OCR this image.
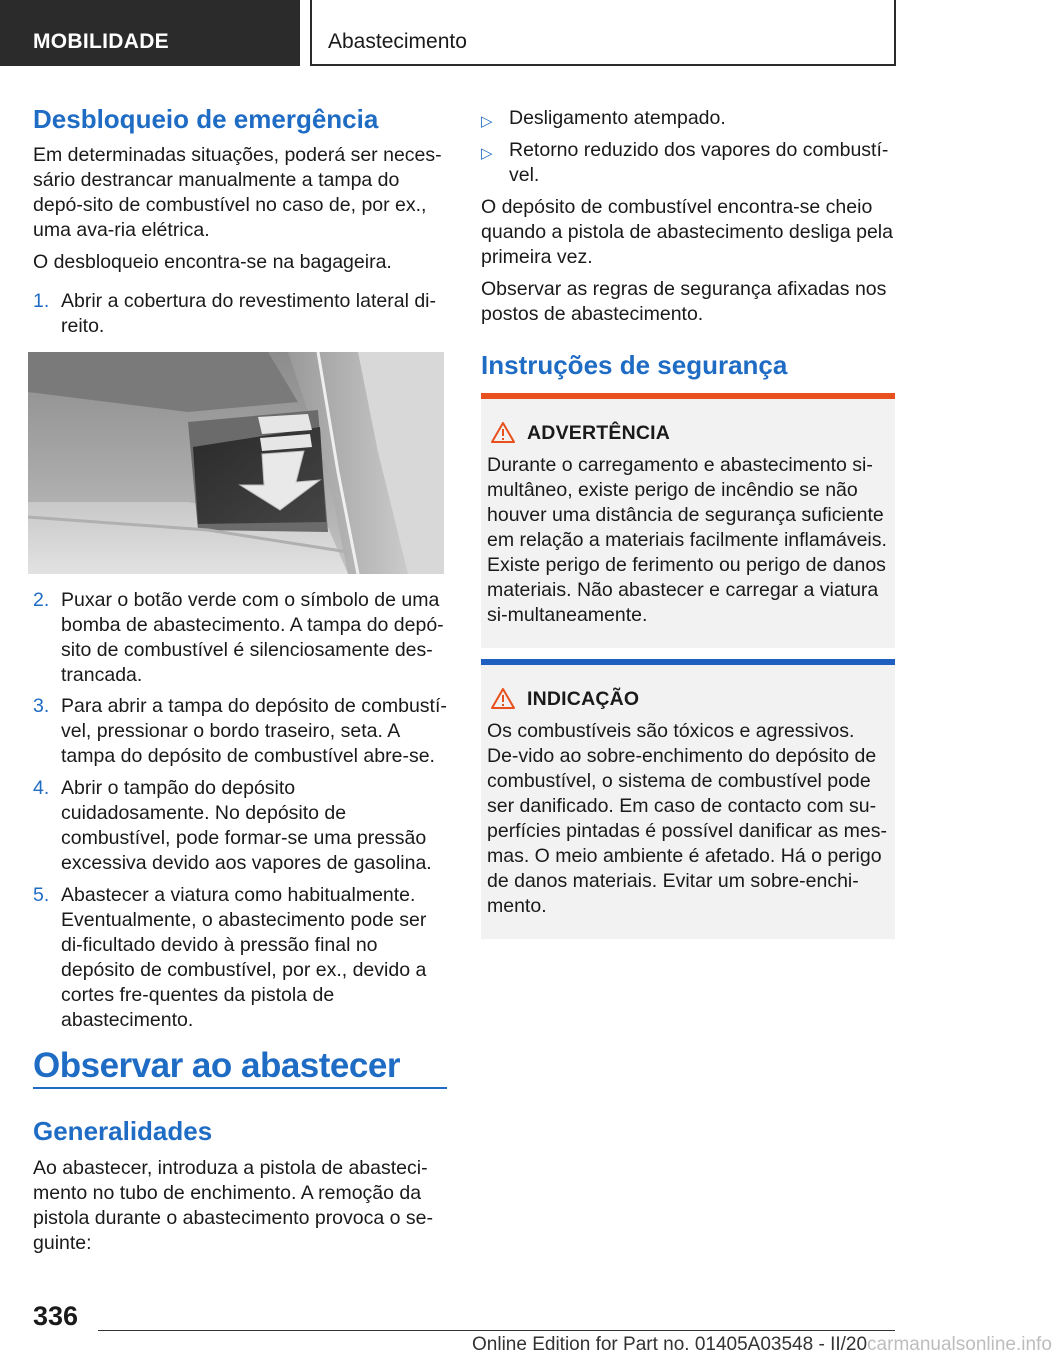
MOBILIDADE	Abastecimento
Desbloqueio de emergência

Em determinadas situações, poderá ser neces-sário destrancar manualmente a tampa do depó-sito de combustível no caso de, por ex., uma ava-ria elétrica.

O desbloqueio encontra-se na bagageira.

1. Abrir a cobertura do revestimento lateral di-reito.
2. Puxar o botão verde com o símbolo de uma bomba de abastecimento. A tampa do depó-sito de combustível é silenciosamente des-trancada.
3. Para abrir a tampa do depósito de combustí-vel, pressionar o bordo traseiro, seta. A tampa do depósito de combustível abre-se.
4. Abrir o tampão do depósito cuidadosamente. No depósito de combustível, pode formar-se uma pressão excessiva devido aos vapores de gasolina.
5. Abastecer a viatura como habitualmente. Eventualmente, o abastecimento pode ser di-ficultado devido à pressão final no depósito de combustível, por ex., devido a cortes fre-quentes da pistola de abastecimento.
Observar ao abastecer
Generalidades

Ao abastecer, introduza a pistola de abasteci-mento no tubo de enchimento. A remoção da pistola durante o abastecimento provoca o se-guinte:

▷ Desligamento atempado.
▷ Retorno reduzido dos vapores do combustí-vel.

O depósito de combustível encontra-se cheio quando a pistola de abastecimento desliga pela primeira vez.

Observar as regras de segurança afixadas nos postos de abastecimento.

Instruções de segurança
ADVERTÊNCIA
Durante o carregamento e abastecimento si-multâneo, existe perigo de incêndio se não houver uma distância de segurança suficiente em relação a materiais facilmente inflamáveis. Existe perigo de ferimento ou perigo de danos materiais. Não abastecer e carregar a viatura si-multaneamente.
INDICAÇÃO
Os combustíveis são tóxicos e agressivos. De-vido ao sobre-enchimento do depósito de combustível, o sistema de combustível pode ser danificado. Em caso de contacto com su-perfícies pintadas é possível danificar as mes-mas. O meio ambiente é afetado. Há o perigo de danos materiais. Evitar um sobre-enchi-mento.
336
Online Edition for Part no. 01405A03548 - II/20carmanualsonline.info
